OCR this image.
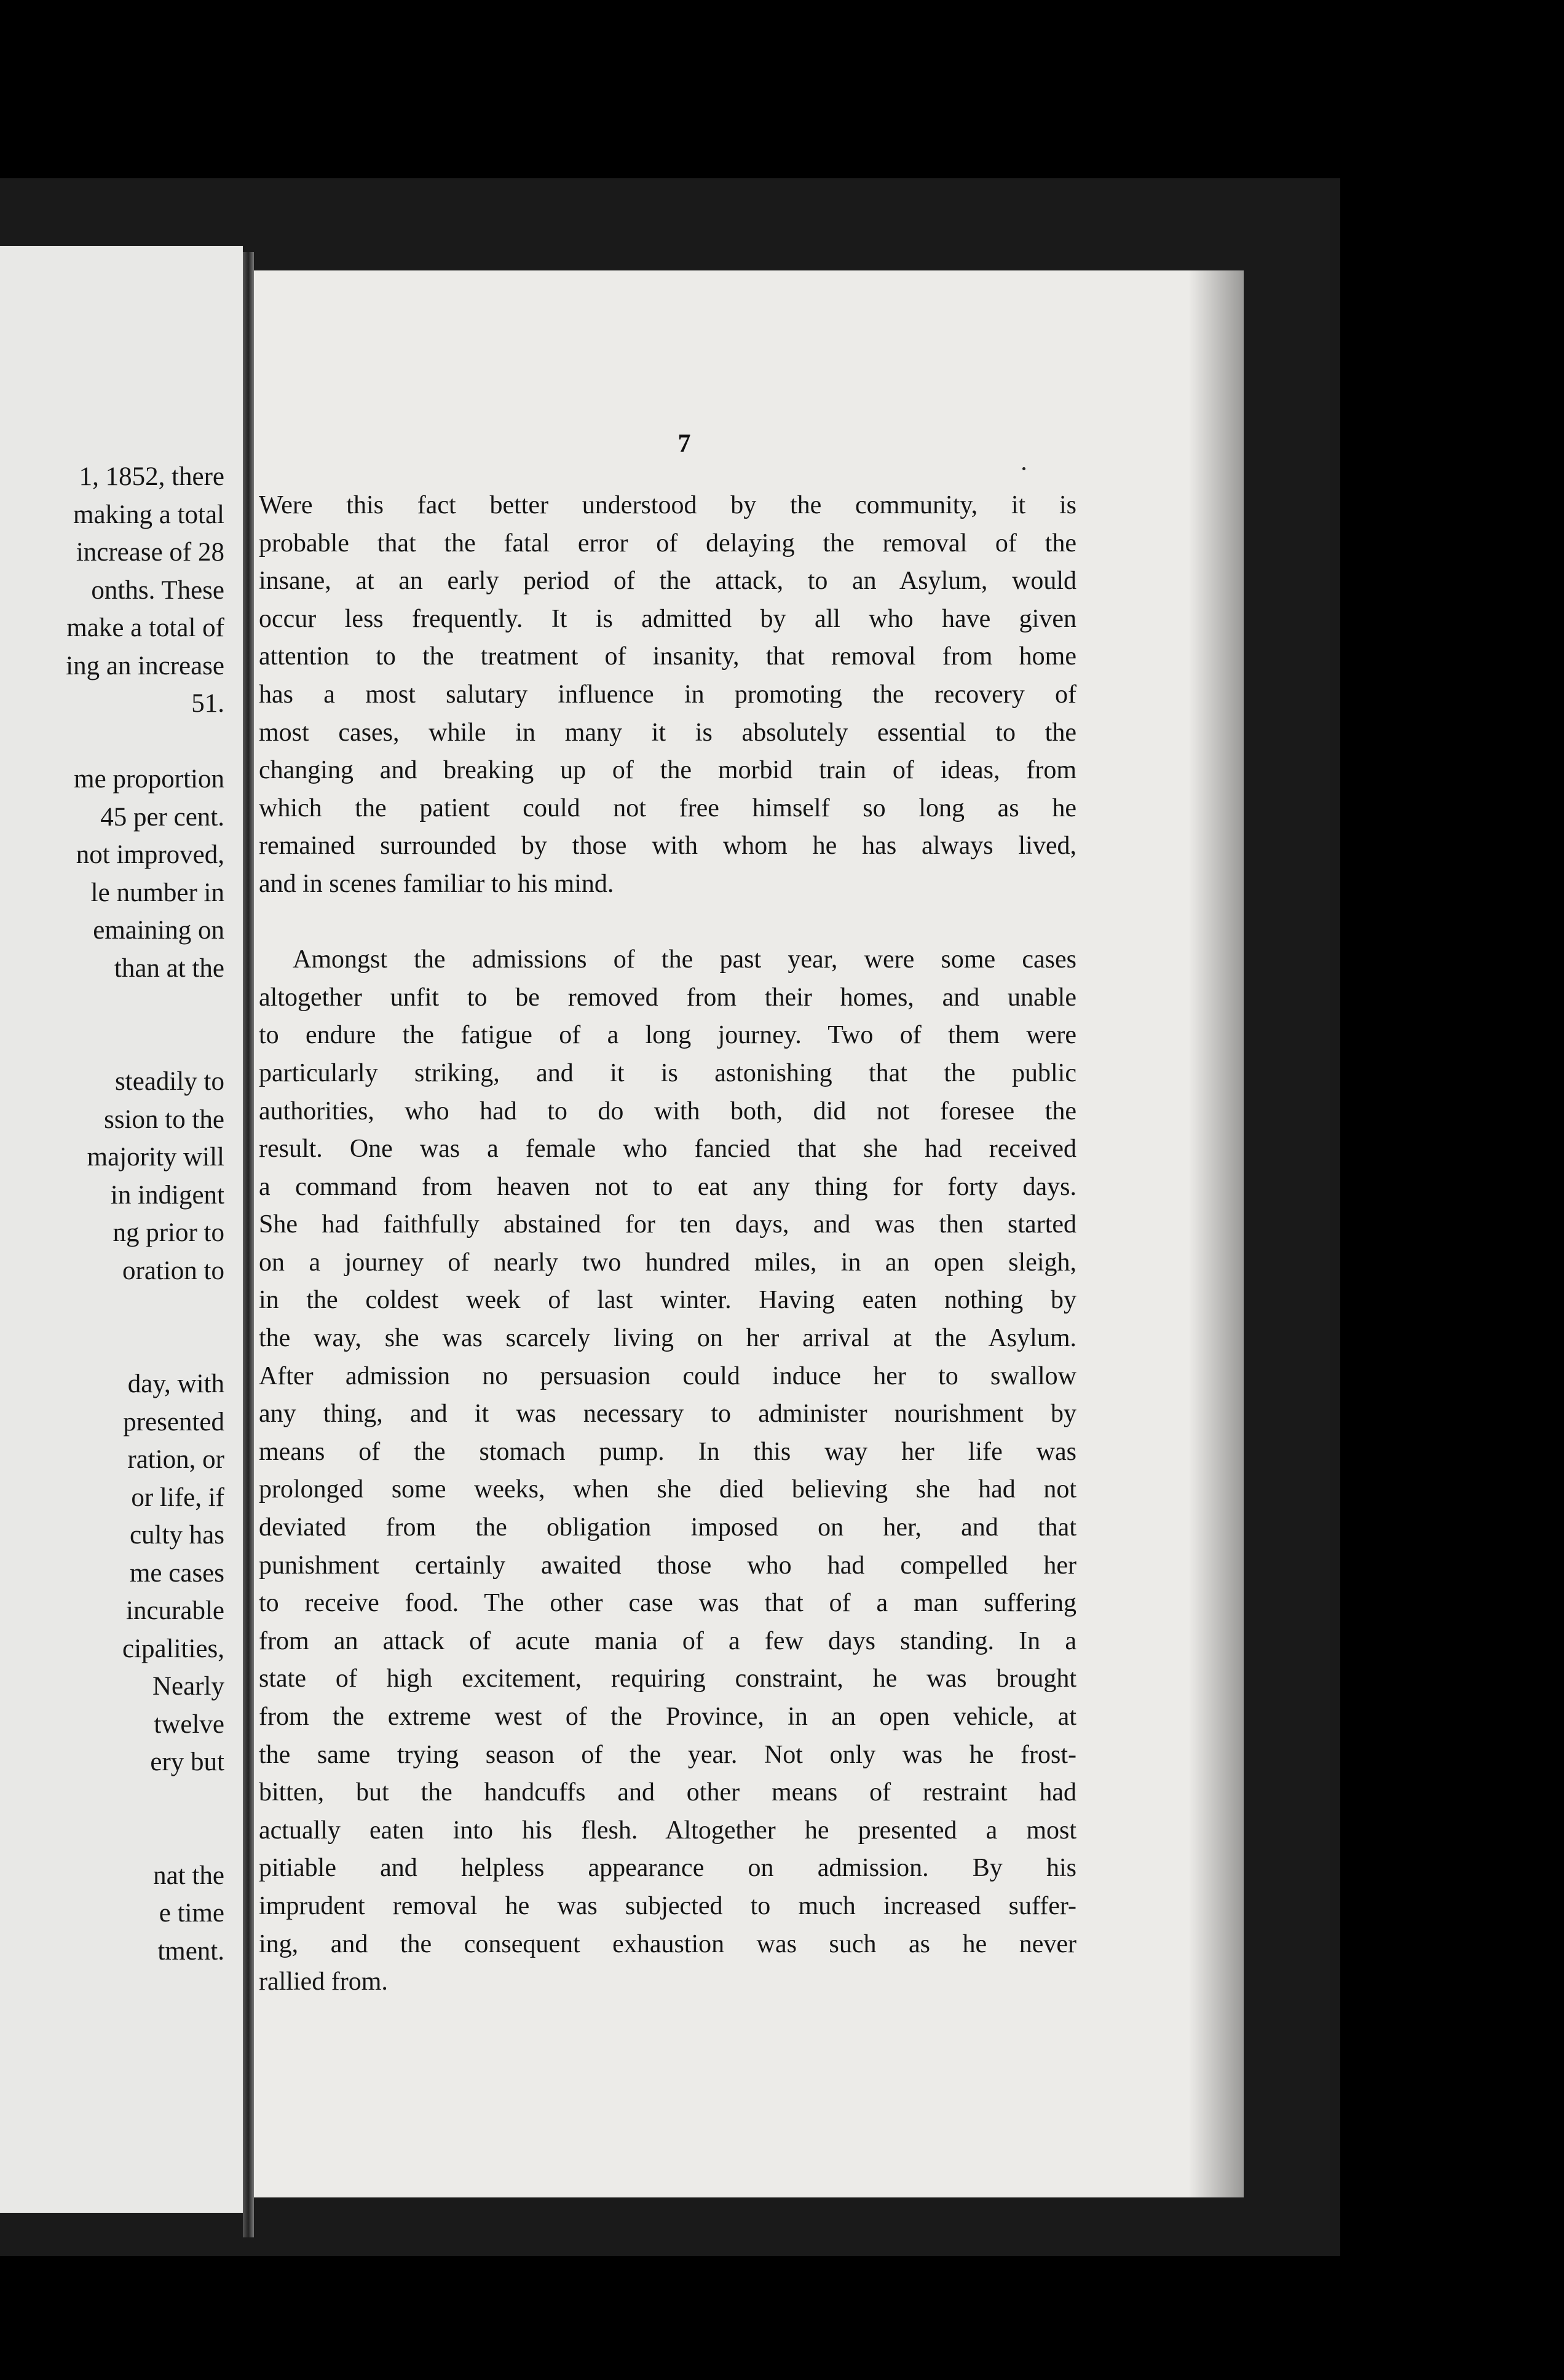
1, 1852, there
making a total
increase of 28
onths. These
make a total of
ing an increase
51.
me proportion
45 per cent.
not improved,
le number in
emaining on
than at the
steadily to
ssion to the
majority will
in indigent
ng prior to
oration to
day, with
presented
ration, or
or life, if
culty has
me cases
incurable
cipalities,
Nearly
twelve
ery but
nat the
e time
tment.
7
Were this fact better understood by the community, it is
probable that the fatal error of delaying the removal of the
insane, at an early period of the attack, to an Asylum, would
occur less frequently. It is admitted by all who have given
attention to the treatment of insanity, that removal from home
has a most salutary influence in promoting the recovery of
most cases, while in many it is absolutely essential to the
changing and breaking up of the morbid train of ideas, from
which the patient could not free himself so long as he
remained surrounded by those with whom he has always lived,
and in scenes familiar to his mind.
Amongst the admissions of the past year, were some cases
altogether unfit to be removed from their homes, and unable
to endure the fatigue of a long journey. Two of them were
particularly striking, and it is astonishing that the public
authorities, who had to do with both, did not foresee the
result. One was a female who fancied that she had received
a command from heaven not to eat any thing for forty days.
She had faithfully abstained for ten days, and was then started
on a journey of nearly two hundred miles, in an open sleigh,
in the coldest week of last winter. Having eaten nothing by
the way, she was scarcely living on her arrival at the Asylum.
After admission no persuasion could induce her to swallow
any thing, and it was necessary to administer nourishment by
means of the stomach pump. In this way her life was
prolonged some weeks, when she died believing she had not
deviated from the obligation imposed on her, and that
punishment certainly awaited those who had compelled her
to receive food. The other case was that of a man suffering
from an attack of acute mania of a few days standing. In a
state of high excitement, requiring constraint, he was brought
from the extreme west of the Province, in an open vehicle, at
the same trying season of the year. Not only was he frost-
bitten, but the handcuffs and other means of restraint had
actually eaten into his flesh. Altogether he presented a most
pitiable and helpless appearance on admission. By his
imprudent removal he was subjected to much increased suffer-
ing, and the consequent exhaustion was such as he never
rallied from.
